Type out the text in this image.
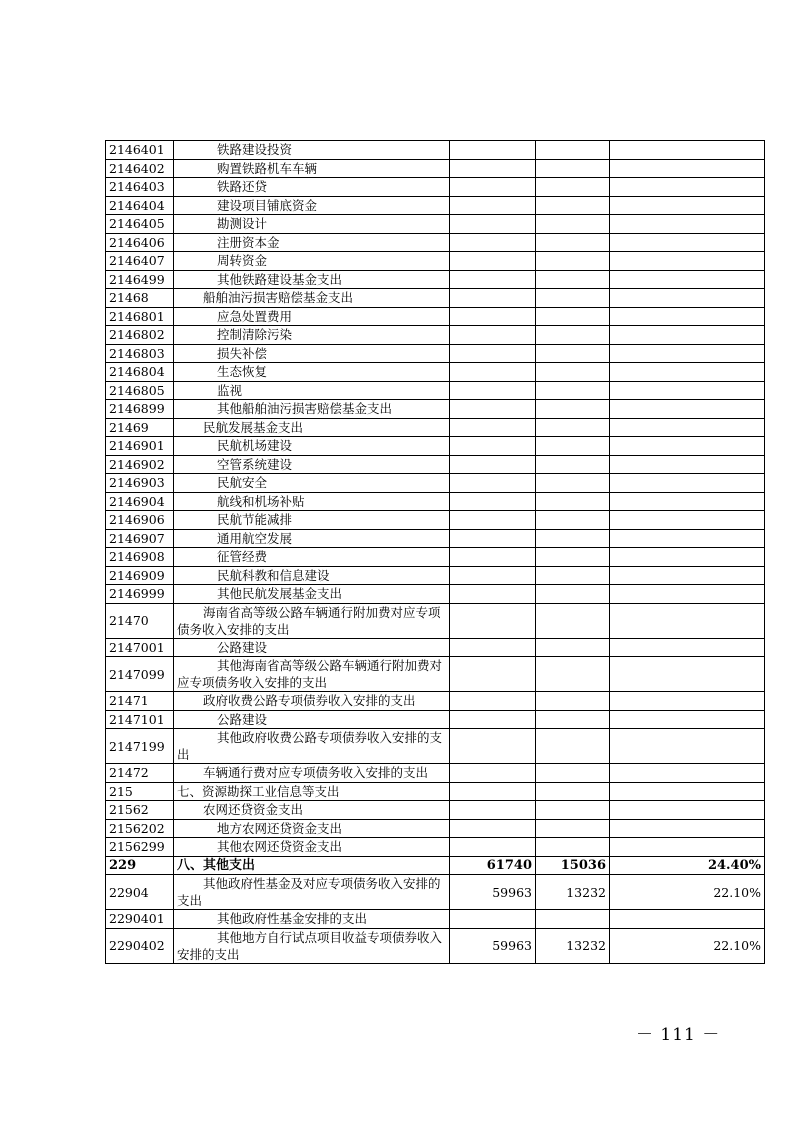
2146401	铁路建设投资			
2146402	购置铁路机车车辆			
2146403	铁路还贷			
2146404	建设项目铺底资金			
2146405	勘测设计			
2146406	注册资本金			
2146407	周转资金			
2146499	其他铁路建设基金支出			
21468	船舶油污损害赔偿基金支出			
2146801	应急处置费用			
2146802	控制清除污染			
2146803	损失补偿			
2146804	生态恢复			
2146805	监视			
2146899	其他船舶油污损害赔偿基金支出			
21469	民航发展基金支出			
2146901	民航机场建设			
2146902	空管系统建设			
2146903	民航安全			
2146904	航线和机场补贴			
2146906	民航节能减排			
2146907	通用航空发展			
2146908	征管经费			
2146909	民航科教和信息建设			
2146999	其他民航发展基金支出			
21470	海南省高等级公路车辆通行附加费对应专项债务收入安排的支出			
2147001	公路建设			
2147099	其他海南省高等级公路车辆通行附加费对应专项债务收入安排的支出			
21471	政府收费公路专项债券收入安排的支出			
2147101	公路建设			
2147199	其他政府收费公路专项债券收入安排的支出			
21472	车辆通行费对应专项债务收入安排的支出			
215	七、资源勘探工业信息等支出			
21562	农网还贷资金支出			
2156202	地方农网还贷资金支出			
2156299	其他农网还贷资金支出			
229	八、其他支出	61740	15036	24.40%
22904	其他政府性基金及对应专项债务收入安排的支出	59963	13232	22.10%
2290401	其他政府性基金安排的支出			
2290402	其他地方自行试点项目收益专项债券收入安排的支出	59963	13232	22.10%
－ 111 －
